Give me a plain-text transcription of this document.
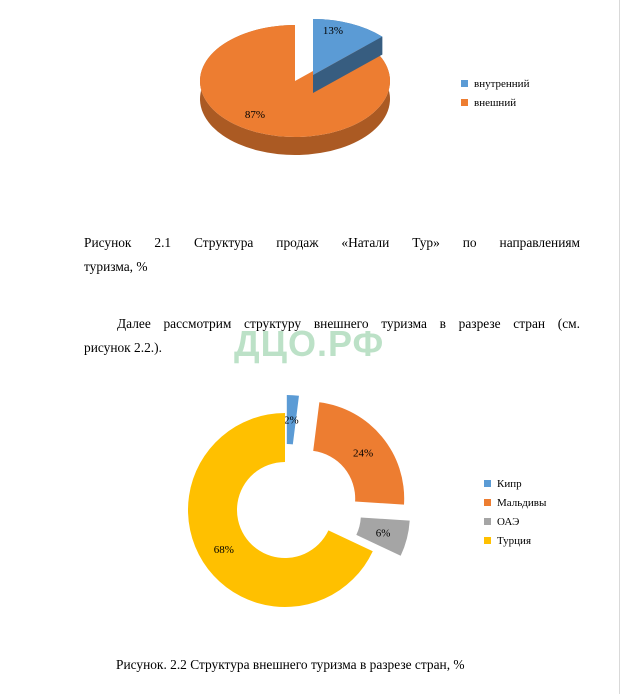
13%
87%
внутренний
внешний
Рисунок 2.1 Структура продаж «Натали Тур» по направлениям
туризма, %
Далее рассмотрим структуру внешнего туризма в разрезе стран (см.
рисунок 2.2.). ДЦО.РФ
2%
24%
6%
68%
Кипр
Мальдивы
ОАЭ
Турция
Рисунок. 2.2 Структура внешнего туризма в разрезе стран, %
